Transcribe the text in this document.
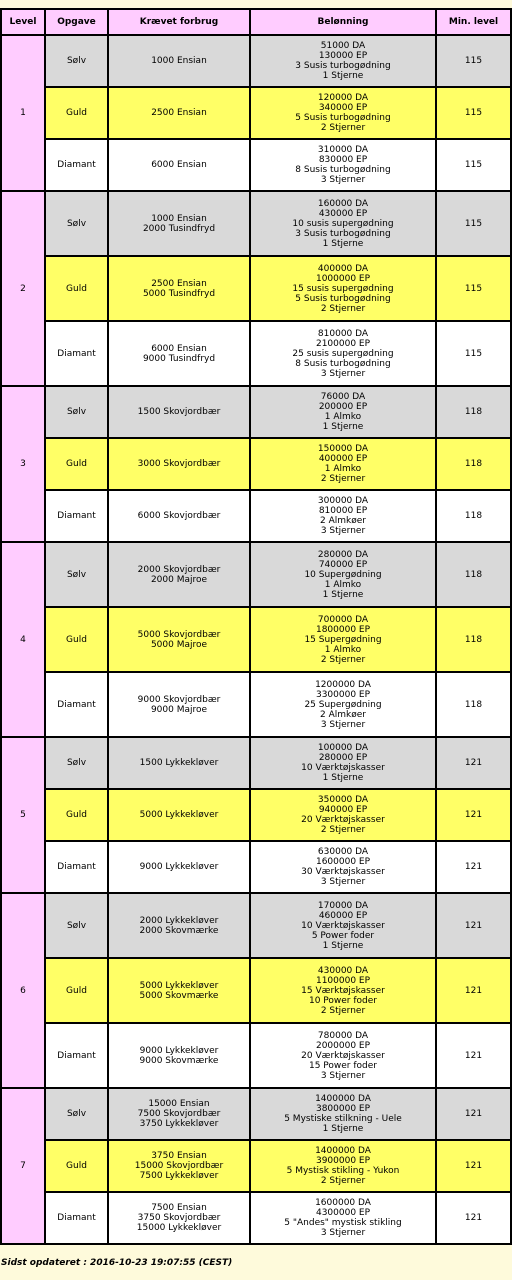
Level	Opgave	Krævet forbrug	Belønning	Min. level
1	Sølv	1000 Ensian	51000 DA
130000 EP
3 Susis turbogødning
1 Stjerne	115
	Guld	2500 Ensian	120000 DA
340000 EP
5 Susis turbogødning
2 Stjerner	115
	Diamant	6000 Ensian	310000 DA
830000 EP
8 Susis turbogødning
3 Stjerner	115
2	Sølv	1000 Ensian
2000 Tusindfryd	160000 DA
430000 EP
10 susis supergødning
3 Susis turbogødning
1 Stjerne	115
	Guld	2500 Ensian
5000 Tusindfryd	400000 DA
1000000 EP
15 susis supergødning
5 Susis turbogødning
2 Stjerner	115
	Diamant	6000 Ensian
9000 Tusindfryd	810000 DA
2100000 EP
25 susis supergødning
8 Susis turbogødning
3 Stjerner	115
3	Sølv	1500 Skovjordbær	76000 DA
200000 EP
1 Almko
1 Stjerne	118
	Guld	3000 Skovjordbær	150000 DA
400000 EP
1 Almko
2 Stjerner	118
	Diamant	6000 Skovjordbær	300000 DA
810000 EP
2 Almkøer
3 Stjerner	118
4	Sølv	2000 Skovjordbær
2000 Majroe	280000 DA
740000 EP
10 Supergødning
1 Almko
1 Stjerne	118
	Guld	5000 Skovjordbær
5000 Majroe	700000 DA
1800000 EP
15 Supergødning
1 Almko
2 Stjerner	118
	Diamant	9000 Skovjordbær
9000 Majroe	1200000 DA
3300000 EP
25 Supergødning
2 Almkøer
3 Stjerner	118
5	Sølv	1500 Lykkekløver	100000 DA
280000 EP
10 Værktøjskasser
1 Stjerne	121
	Guld	5000 Lykkekløver	350000 DA
940000 EP
20 Værktøjskasser
2 Stjerner	121
	Diamant	9000 Lykkekløver	630000 DA
1600000 EP
30 Værktøjskasser
3 Stjerner	121
6	Sølv	2000 Lykkekløver
2000 Skovmærke	170000 DA
460000 EP
10 Værktøjskasser
5 Power foder
1 Stjerne	121
	Guld	5000 Lykkekløver
5000 Skovmærke	430000 DA
1100000 EP
15 Værktøjskasser
10 Power foder
2 Stjerner	121
	Diamant	9000 Lykkekløver
9000 Skovmærke	780000 DA
2000000 EP
20 Værktøjskasser
15 Power foder
3 Stjerner	121
7	Sølv	15000 Ensian
7500 Skovjordbær
3750 Lykkekløver	1400000 DA
3800000 EP
5 Mystiske stilkning - Uele
1 Stjerne	121
	Guld	3750 Ensian
15000 Skovjordbær
7500 Lykkekløver	1400000 DA
3900000 EP
5 Mystisk stikling - Yukon
2 Stjerner	121
	Diamant	7500 Ensian
3750 Skovjordbær
15000 Lykkekløver	1600000 DA
4300000 EP
5 "Andes" mystisk stikling
3 Stjerner	121
Sidst opdateret : 2016-10-23 19:07:55 (CEST)
